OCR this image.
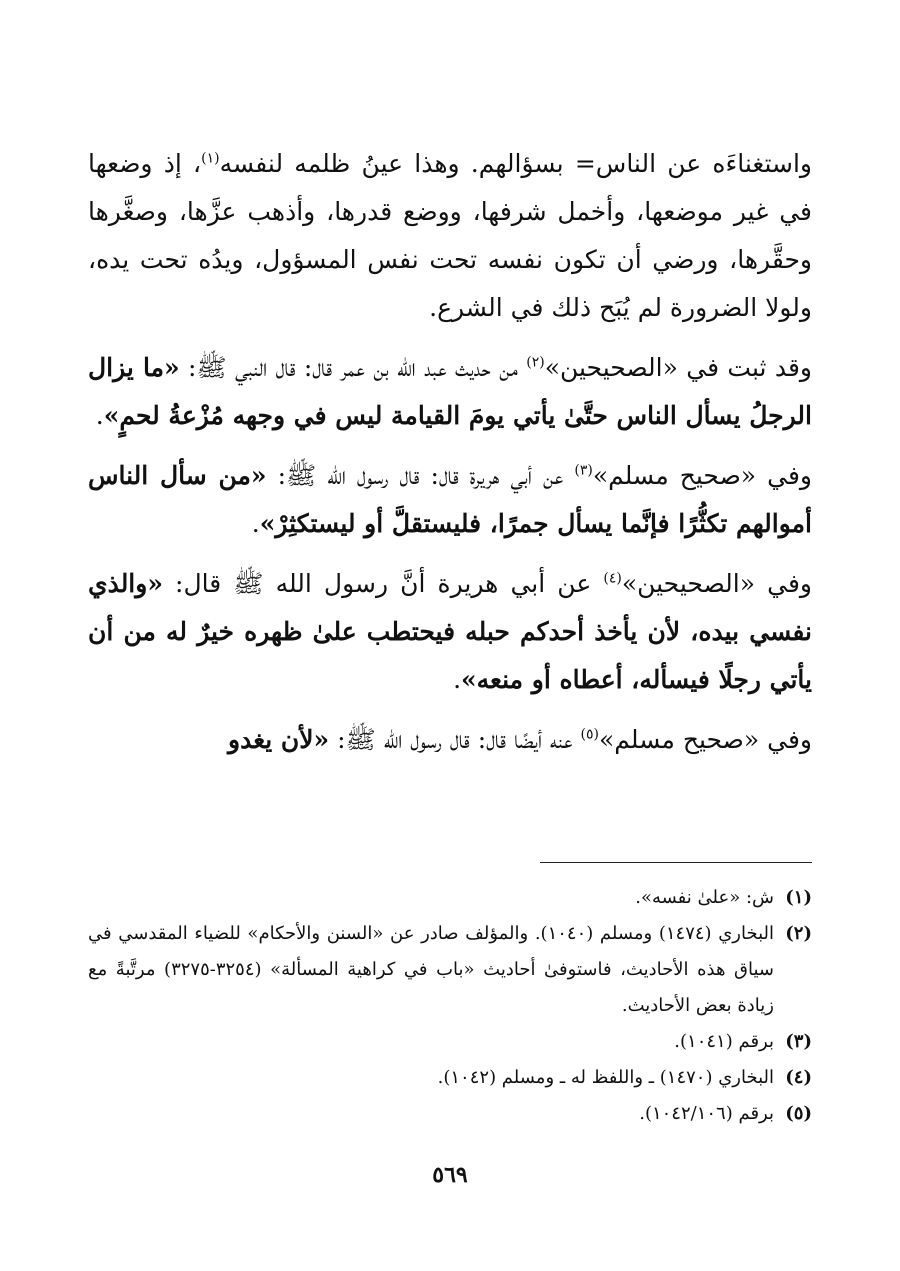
واستغناءَه عن الناس= بسؤالهم. وهذا عينُ ظلمه لنفسه$^{(١)}$، إذ وضعها في غير موضعها، وأخمل شرفها، ووضع قدرها، وأذهب عزَّها، وصغَّرها وحقَّرها، ورضي أن تكون نفسه تحت نفس المسؤول، ويدُه تحت يده، ولولا الضرورة لم يُبَح ذلك في الشرع.

وقد ثبت في «الصحيحين»$^{(٢)}$ من حديث عبد الله بن عمر قال: قال النبي ﷺ: «ما يزال الرجلُ يسأل الناس حتَّىٰ يأتي يومَ القيامة ليس في وجهه مُزْعةُ لحمٍ».

وفي «صحيح مسلم»$^{(٣)}$ عن أبي هريرة قال: قال رسول الله ﷺ: «من سأل الناس أموالهم تكثُّرًا فإنَّما يسأل جمرًا، فليستقلَّ أو ليستكثِرْ».

وفي «الصحيحين»$^{(٤)}$ عن أبي هريرة أنَّ رسول الله ﷺ قال: «والذي نفسي بيده، لأن يأخذ أحدكم حبله فيحتطب علىٰ ظهره خيرٌ له من أن يأتي رجلًا فيسأله، أعطاه أو منعه».

وفي «صحيح مسلم»$^{(٥)}$ عنه أيضًا قال: قال رسول الله ﷺ: «لأن يغدو

(١)
ش: «علىٰ نفسه».
(٢)
البخاري (١٤٧٤) ومسلم (١٠٤٠). والمؤلف صادر عن «السنن والأحكام» للضياء المقدسي في سياق هذه الأحاديث، فاستوفىٰ أحاديث «باب في كراهية المسألة» (٣٢٥٤-٣٢٧٥) مرتَّبةً مع زيادة بعض الأحاديث.
(٣)
برقم (١٠٤١).
(٤)
البخاري (١٤٧٠) ـ واللفظ له ـ ومسلم (١٠٤٢).
(٥)
برقم (١٠٤٢/١٠٦).
٥٦٩
